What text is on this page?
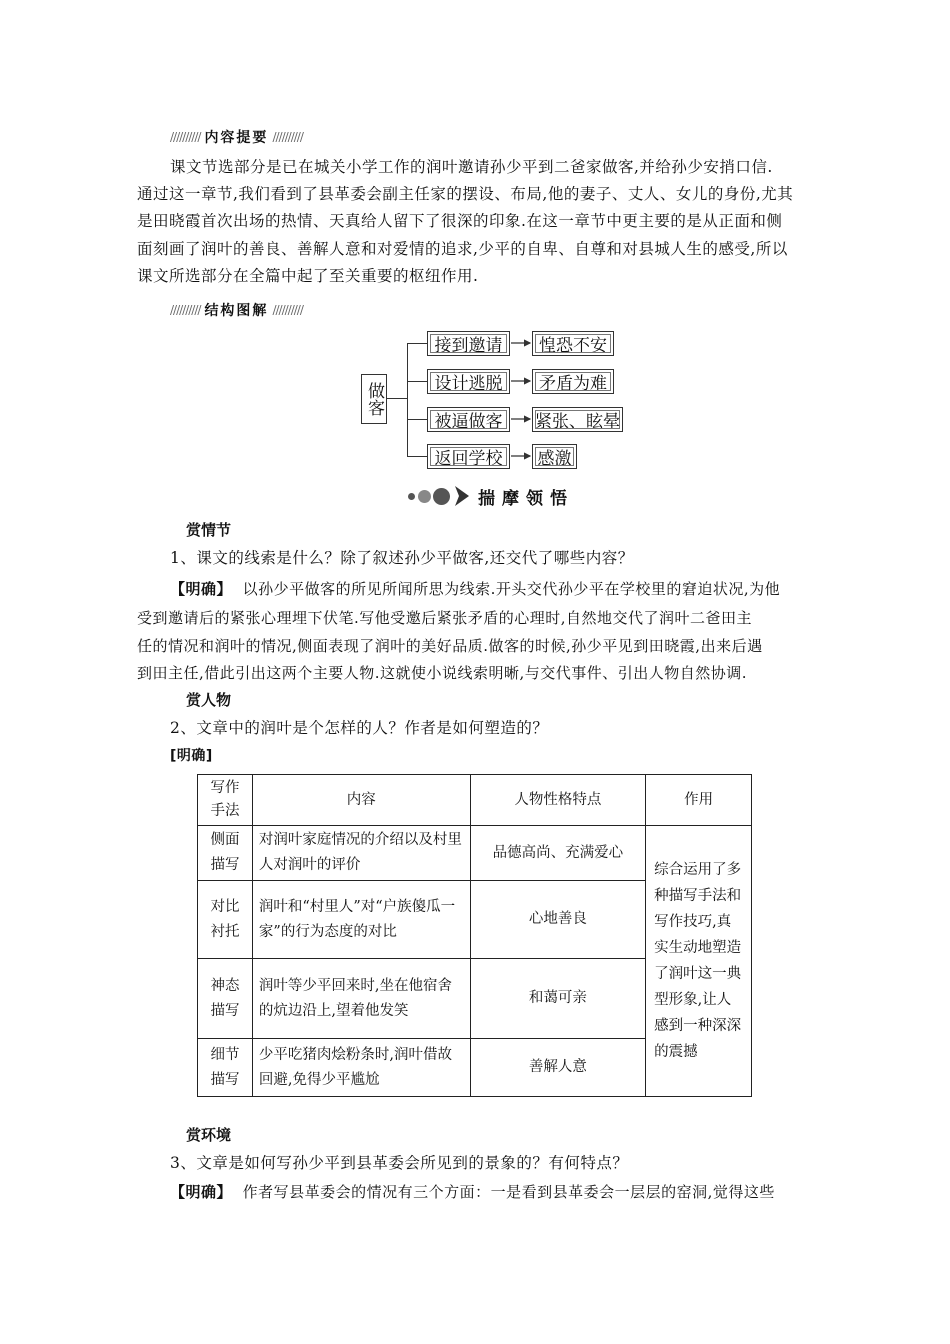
////////// 内容提要 //////////
课文节选部分是已在城关小学工作的润叶邀请孙少平到二爸家做客,并给孙少安捎口信.
通过这一章节,我们看到了县革委会副主任家的摆设、布局,他的妻子、丈人、女儿的身份,尤其
是田晓霞首次出场的热情、天真给人留下了很深的印象.在这一章节中更主要的是从正面和侧
面刻画了润叶的善良、善解人意和对爱情的追求,少平的自卑、自尊和对县城人生的感受,所以
课文所选部分在全篇中起了至关重要的枢纽作用.
////////// 结构图解 //////////
做客
接到邀请
设计逃脱
被逼做客
返回学校
惶恐不安
矛盾为难
紧张、眩晕
感激
揣摩领悟
赏情节
1、课文的线索是什么？除了叙述孙少平做客,还交代了哪些内容？
【明确】 以孙少平做客的所见所闻所思为线索.开头交代孙少平在学校里的窘迫状况,为他
受到邀请后的紧张心理埋下伏笔.写他受邀后紧张矛盾的心理时,自然地交代了润叶二爸田主
任的情况和润叶的情况,侧面表现了润叶的美好品质.做客的时候,孙少平见到田晓霞,出来后遇
到田主任,借此引出这两个主要人物.这就使小说线索明晰,与交代事件、引出人物自然协调.
赏人物
2、文章中的润叶是个怎样的人？作者是如何塑造的？
[明确]
写作
手法	内容	人物性格特点	作用
侧面
描写	对润叶家庭情况的介绍以及村里人对润叶的评价	品德高尚、充满爱心	综合运用了多种描写手法和写作技巧,真实生动地塑造了润叶这一典型形象,让人感到一种深深的震撼
对比
衬托	润叶和“村里人”对“户族傻瓜一家”的行为态度的对比	心地善良	
神态
描写	润叶等少平回来时,坐在他宿舍的炕边沿上,望着他发笑	和蔼可亲	
细节
描写	少平吃猪肉烩粉条时,润叶借故回避,免得少平尴尬	善解人意	
赏环境
3、文章是如何写孙少平到县革委会所见到的景象的？有何特点？
【明确】 作者写县革委会的情况有三个方面：一是看到县革委会一层层的窑洞,觉得这些
